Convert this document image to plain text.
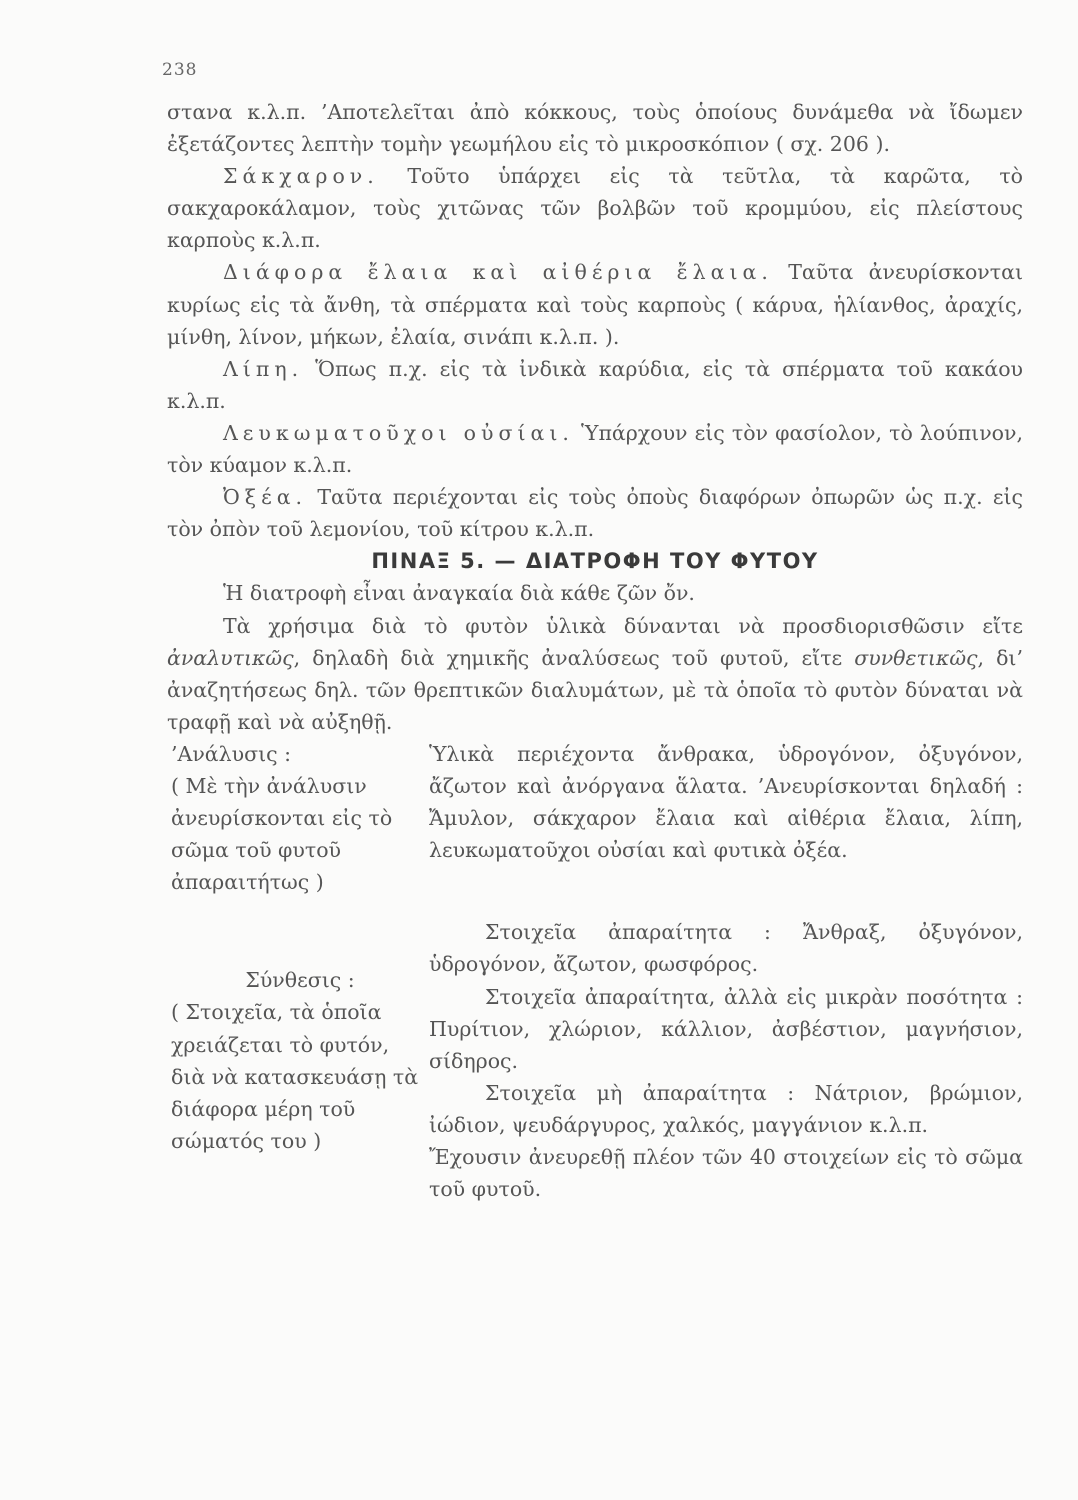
238

στανα κ.λ.π. ’Αποτελεῖται ἀπὸ κόκκους, τοὺς ὁποίους δυνάμεθα νὰ ἴδωμεν ἐξετάζοντες λεπτὴν τομὴν γεωμήλου εἰς τὸ μικροσκόπιον ( σχ. 206 ).

Σάκχαρον. Τοῦτο ὑπάρχει εἰς τὰ τεῦτλα, τὰ καρῶτα, τὸ σακχαροκάλαμον, τοὺς χιτῶνας τῶν βολβῶν τοῦ κρομμύου, εἰς πλείστους καρποὺς κ.λ.π.

Διάφορα ἔλαια καὶ αἰθέρια ἔλαια. Ταῦτα ἀνευρίσκονται κυρίως εἰς τὰ ἄνθη, τὰ σπέρματα καὶ τοὺς καρποὺς ( κάρυα, ἡλίανθος, ἀραχίς, μίνθη, λίνον, μήκων, ἐλαία, σινάπι κ.λ.π. ).

Λίπη. Ὅπως π.χ. εἰς τὰ ἰνδικὰ καρύδια, εἰς τὰ σπέρματα τοῦ κακάου κ.λ.π.

Λευκωματοῦχοι οὐσίαι. Ὑπάρχουν εἰς τὸν φασίολον, τὸ λούπινον, τὸν κύαμον κ.λ.π.

Ὀξέα. Ταῦτα περιέχονται εἰς τοὺς ὀποὺς διαφόρων ὀπωρῶν ὡς π.χ. εἰς τὸν ὀπὸν τοῦ λεμονίου, τοῦ κίτρου κ.λ.π.

ΠΙΝΑΞ 5. — ΔΙΑΤΡΟΦΗ ΤΟΥ ΦΥΤΟΥ

Ἡ διατροφὴ εἶναι ἀναγκαία διὰ κάθε ζῶν ὄν.

Τὰ χρήσιμα διὰ τὸ φυτὸν ὑλικὰ δύνανται νὰ προσδιορισθῶσιν εἴτε ἀναλυτικῶς, δηλαδὴ διὰ χημικῆς ἀναλύσεως τοῦ φυτοῦ, εἴτε συνθετικῶς, δι’ ἀναζητήσεως δηλ. τῶν θρεπτικῶν διαλυμάτων, μὲ τὰ ὁποῖα τὸ φυτὸν δύναται νὰ τραφῇ καὶ νὰ αὐξηθῇ.

’Ανάλυσις :

( Μὲ τὴν ἀνάλυσιν ἀνευρίσκονται εἰς τὸ σῶμα τοῦ φυτοῦ ἀπαραιτήτως )

Ὑλικὰ περιέχοντα ἄνθρακα, ὑδρογόνον, ὀξυγόνον, ἄζωτον καὶ ἀνόργανα ἅλατα. ’Ανευρίσκονται δηλαδή : Ἄμυλον, σάκχαρον ἔλαια καὶ αἰθέρια ἔλαια, λίπη, λευκωματοῦχοι οὐσίαι καὶ φυτικὰ ὀξέα.

Σύνθεσις :

( Στοιχεῖα, τὰ ὁποῖα χρειάζεται τὸ φυτόν, διὰ νὰ κατασκευάσῃ τὰ διάφορα μέρη τοῦ σώματός του )

Στοιχεῖα ἀπαραίτητα : Ἄνθραξ, ὀξυγόνον, ὑδρογόνον, ἄζωτον, φωσφόρος.

Στοιχεῖα ἀπαραίτητα, ἀλλὰ εἰς μικρὰν ποσότητα : Πυρίτιον, χλώριον, κάλλιον, ἀσβέστιον, μαγνήσιον, σίδηρος.

Στοιχεῖα μὴ ἀπαραίτητα : Νάτριον, βρώμιον, ἰώδιον, ψευδάργυρος, χαλκός, μαγγάνιον κ.λ.π.

Ἔχουσιν ἀνευρεθῇ πλέον τῶν 40 στοιχείων εἰς τὸ σῶμα τοῦ φυτοῦ.
